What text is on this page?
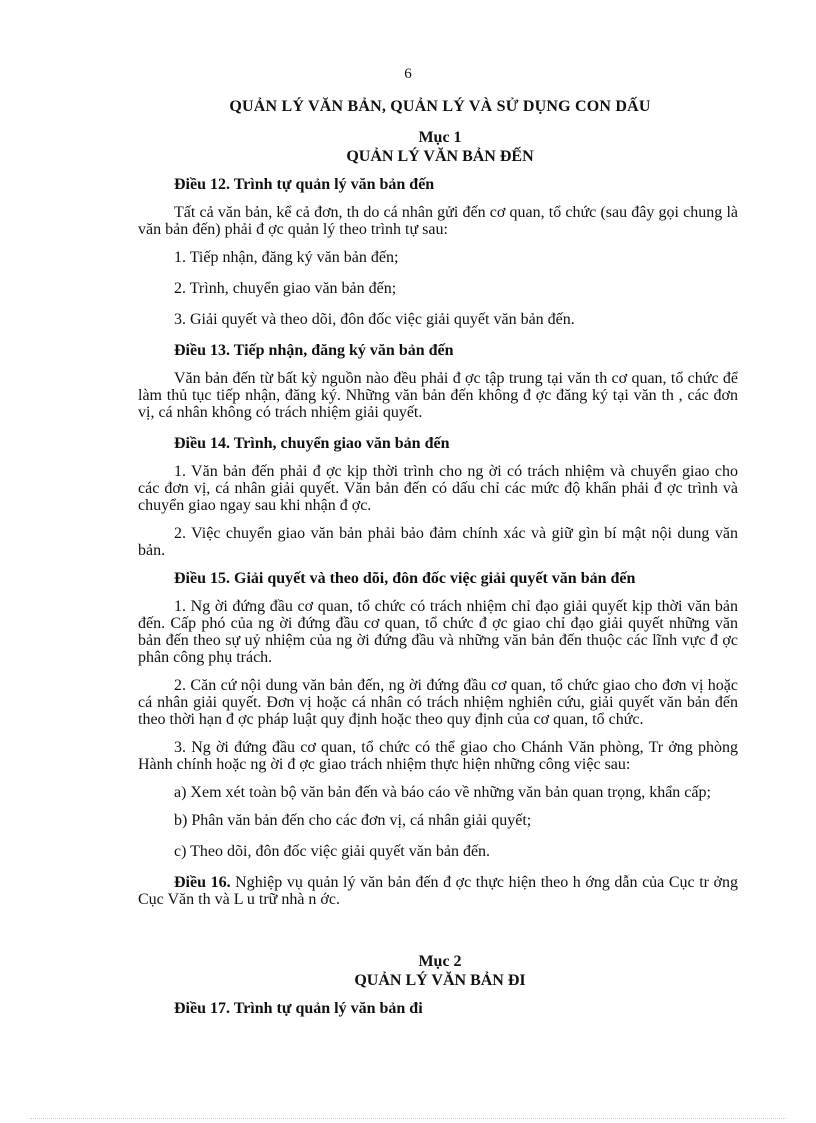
6
QUẢN LÝ VĂN BẢN, QUẢN LÝ VÀ SỬ DỤNG CON DẤU
Mục 1
QUẢN LÝ VĂN BẢN ĐẾN

Điều 12. Trình tự quản lý văn bản đến

Tất cả văn bản, kể cả đơn, th do cá nhân gửi đến cơ quan, tổ chức (sau đây gọi chung là văn bản đến) phải đ ợc quản lý theo trình tự sau:

1. Tiếp nhận, đăng ký văn bản đến;

2. Trình, chuyển giao văn bản đến;

3. Giải quyết và theo dõi, đôn đốc việc giải quyết văn bản đến.

Điều 13. Tiếp nhận, đăng ký văn bản đến

Văn bản đến từ bất kỳ nguồn nào đều phải đ ợc tập trung tại văn th cơ quan, tổ chức để làm thủ tục tiếp nhận, đăng ký. Những văn bản đến không đ ợc đăng ký tại văn th , các đơn vị, cá nhân không có trách nhiệm giải quyết.

Điều 14. Trình, chuyển giao văn bản đến

1. Văn bản đến phải đ ợc kịp thời trình cho ng ời có trách nhiệm và chuyển giao cho các đơn vị, cá nhân giải quyết. Văn bản đến có dấu chỉ các mức độ khẩn phải đ ợc trình và chuyển giao ngay sau khi nhận đ ợc.

2. Việc chuyển giao văn bản phải bảo đảm chính xác và giữ gìn bí mật nội dung văn bản.

Điều 15. Giải quyết và theo dõi, đôn đốc việc giải quyết văn bản đến

1. Ng ời đứng đầu cơ quan, tổ chức có trách nhiệm chỉ đạo giải quyết kịp thời văn bản đến. Cấp phó của ng ời đứng đầu cơ quan, tổ chức đ ợc giao chỉ đạo giải quyết những văn bản đến theo sự uỷ nhiệm của ng ời đứng đầu và những văn bản đến thuộc các lĩnh vực đ ợc phân công phụ trách.

2. Căn cứ nội dung văn bản đến, ng ời đứng đầu cơ quan, tổ chức giao cho đơn vị hoặc cá nhân giải quyết. Đơn vị hoặc cá nhân có trách nhiệm nghiên cứu, giải quyết văn bản đến theo thời hạn đ ợc pháp luật quy định hoặc theo quy định của cơ quan, tổ chức.

3. Ng ời đứng đầu cơ quan, tổ chức có thể giao cho Chánh Văn phòng, Tr ởng phòng Hành chính hoặc ng ời đ ợc giao trách nhiệm thực hiện những công việc sau:

a) Xem xét toàn bộ văn bản đến và báo cáo về những văn bản quan trọng, khẩn cấp;

b) Phân văn bản đến cho các đơn vị, cá nhân giải quyết;

c) Theo dõi, đôn đốc việc giải quyết văn bản đến.

Điều 16. Nghiệp vụ quản lý văn bản đến đ ợc thực hiện theo h ớng dẫn của Cục tr ởng Cục Văn th và L u trữ nhà n ớc.

Mục 2
QUẢN LÝ VĂN BẢN ĐI

Điều 17. Trình tự quản lý văn bản đi
